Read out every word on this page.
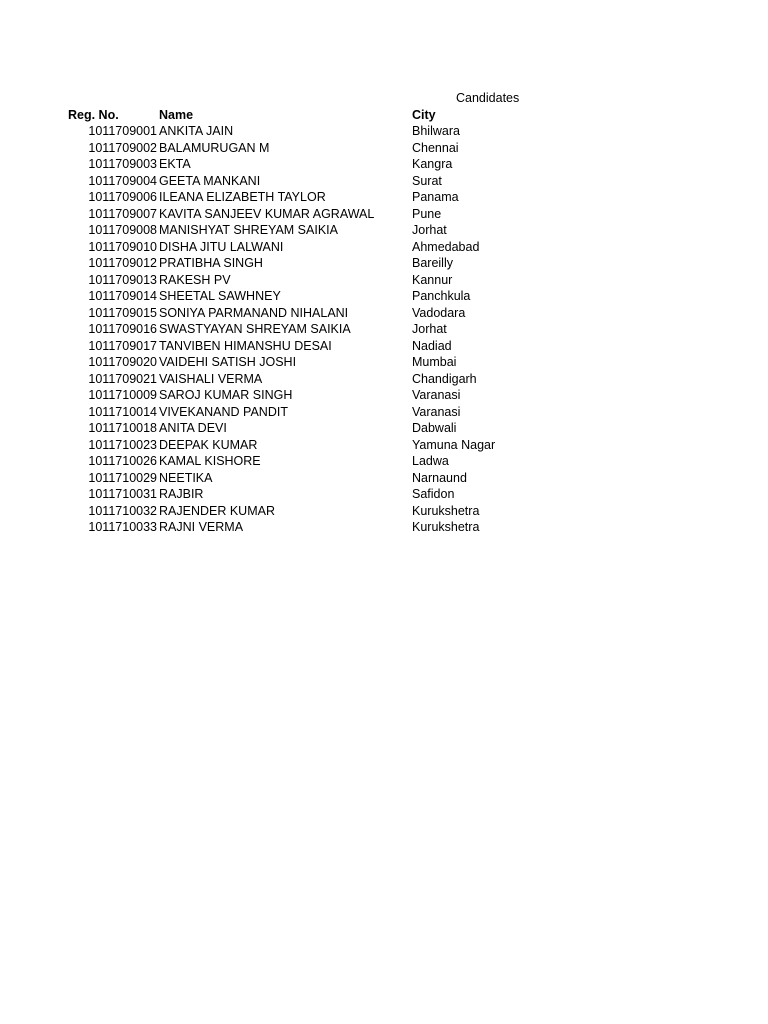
Candidates
Reg. No.	Name	City
1011709001 ANKITA JAIN	Bhilwara
1011709002 BALAMURUGAN M	Chennai
1011709003 EKTA	Kangra
1011709004 GEETA MANKANI	Surat
1011709006 ILEANA ELIZABETH TAYLOR	Panama
1011709007 KAVITA SANJEEV KUMAR AGRAWAL	Pune
1011709008 MANISHYAT SHREYAM SAIKIA	Jorhat
1011709010 DISHA JITU LALWANI	Ahmedabad
1011709012 PRATIBHA SINGH	Bareilly
1011709013 RAKESH PV	Kannur
1011709014 SHEETAL SAWHNEY	Panchkula
1011709015 SONIYA PARMANAND NIHALANI	Vadodara
1011709016 SWASTYAYAN SHREYAM SAIKIA	Jorhat
1011709017 TANVIBEN HIMANSHU DESAI	Nadiad
1011709020 VAIDEHI SATISH JOSHI	Mumbai
1011709021 VAISHALI VERMA	Chandigarh
1011710009 SAROJ KUMAR SINGH	Varanasi
1011710014 VIVEKANAND PANDIT	Varanasi
1011710018 ANITA DEVI	Dabwali
1011710023 DEEPAK KUMAR	Yamuna Nagar
1011710026 KAMAL KISHORE	Ladwa
1011710029 NEETIKA	Narnaund
1011710031 RAJBIR	Safidon
1011710032 RAJENDER KUMAR	Kurukshetra
1011710033 RAJNI VERMA	Kurukshetra
